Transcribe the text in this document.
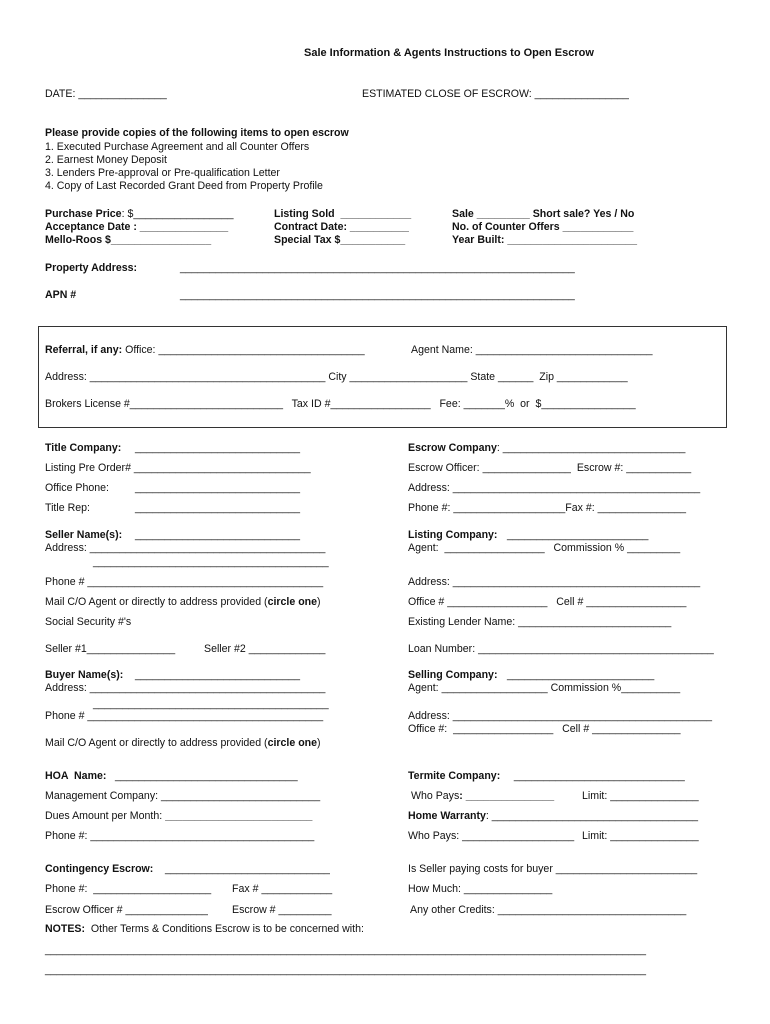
Sale Information & Agents Instructions to Open Escrow
DATE: _______________	ESTIMATED CLOSE OF ESCROW: ________________
Please provide copies of the following items to open escrow
1. Executed Purchase Agreement and all Counter Offers
2. Earnest Money Deposit
3. Lenders Pre-approval or Pre-qualification Letter
4. Copy of Last Recorded Grant Deed from Property Profile
Purchase Price: $_________________
Acceptance Date : _______________
Mello-Roos $_________________
Listing Sold  ____________
Contract Date: __________
Special Tax $___________
Sale _________ Short sale? Yes / No
No. of Counter Offers ____________
Year Built: ______________________
Property Address:	___________________________________________________________________
APN #	___________________________________________________________________
Referral, if any: Office: ___________________________________	Agent Name: ______________________________
Address: ________________________________________ City ____________________ State ______  Zip ____________
Brokers License #__________________________   Tax ID #_________________   Fee: _______%  or  $________________
Title Company: ____________________________
Listing Pre Order# ______________________________
Office Phone: ____________________________
Title Rep:	____________________________
Escrow Company: _______________________________
Escrow Officer: _______________  Escrow #: ___________
Address: __________________________________________
Phone #: ___________________Fax #: _______________
Seller Name(s): ____________________________
Address: ________________________________________
________________________________________
Phone # ________________________________________
Mail C/O Agent or directly to address provided (circle one)
Social Security #'s
Seller #1_______________	Seller #2 _____________
Listing Company: ________________________
Agent:  _________________   Commission % _________
Address: __________________________________________
Office # _________________   Cell # _________________
Existing Lender Name: __________________________
Loan Number: ________________________________________
Buyer Name(s): ____________________________
Address: ________________________________________
________________________________________
Phone # ________________________________________
Mail C/O Agent or directly to address provided (circle one)
Selling Company: _________________________
Agent: __________________ Commission %__________
Address: ____________________________________________
Office #:  _________________   Cell # _______________
HOA  Name: _______________________________
Management Company: ___________________________
Dues Amount per Month: _________________________
Phone #: ______________________________________
Termite Company: _____________________________
Who Pays: _______________	Limit: _______________
Home Warranty: ___________________________________
Who Pays: ___________________ Limit: _______________
Contingency Escrow: ____________________________
Phone #:  ____________________ Fax # ____________
Escrow Officer # ______________ Escrow # _________
Is Seller paying costs for buyer ________________________
How Much: _______________
Any other Credits: ________________________________
NOTES:  Other Terms & Conditions Escrow is to be concerned with:
______________________________________________________________________________________________________
______________________________________________________________________________________________________
